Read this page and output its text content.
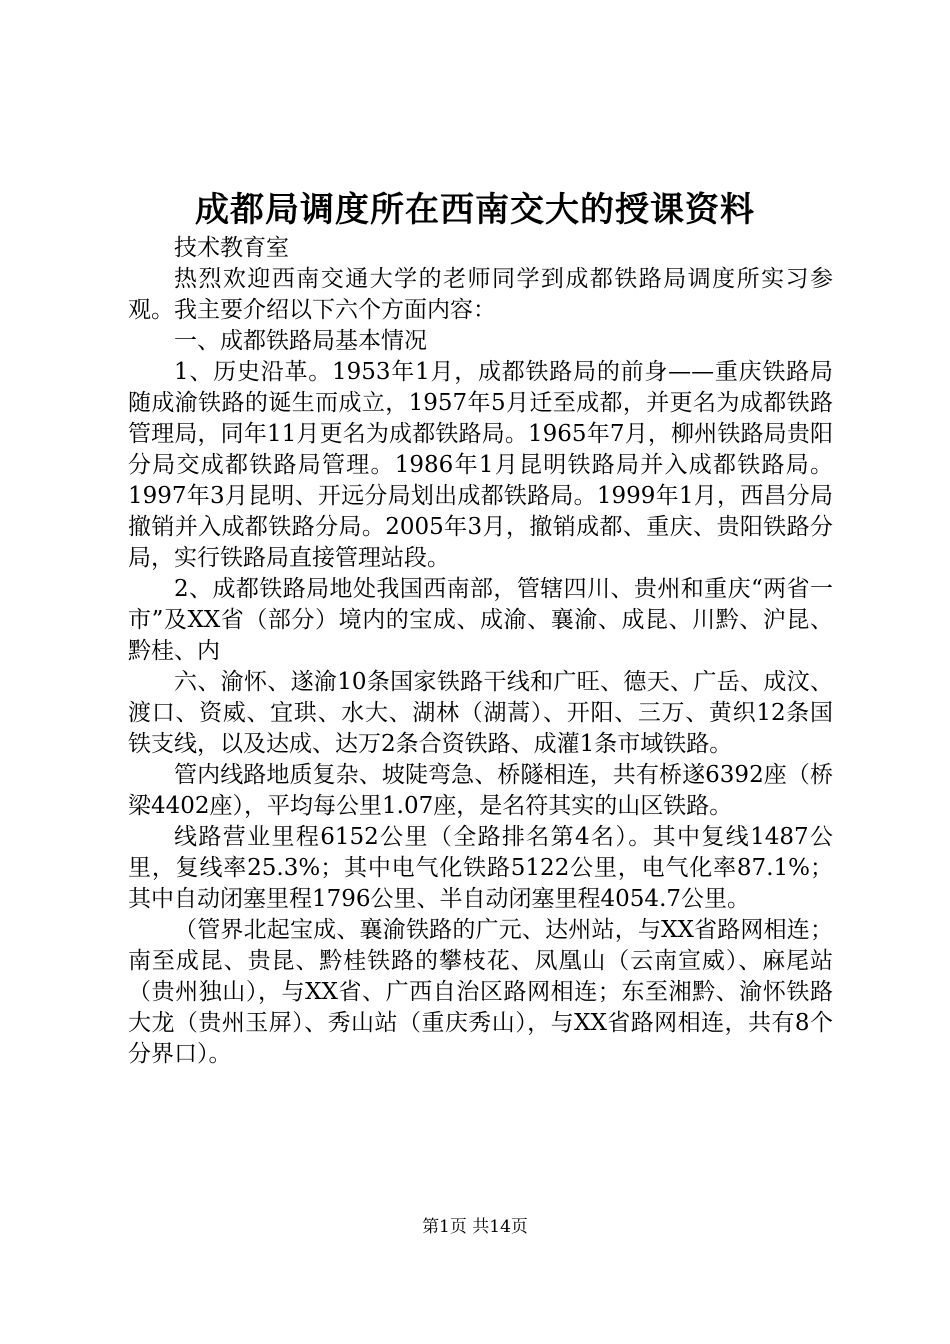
成都局调度所在西南交大的授课资料

技术教育室

热烈欢迎西南交通大学的老师同学到成都铁路局调度所实习参观。我主要介绍以下六个方面内容：

一、成都铁路局基本情况

1、历史沿革。1953年1月，成都铁路局的前身——重庆铁路局随成渝铁路的诞生而成立，1957年5月迁至成都，并更名为成都铁路管理局，同年11月更名为成都铁路局。1965年7月，柳州铁路局贵阳分局交成都铁路局管理。1986年1月昆明铁路局并入成都铁路局。1997年3月昆明、开远分局划出成都铁路局。1999年1月，西昌分局撤销并入成都铁路分局。2005年3月，撤销成都、重庆、贵阳铁路分局，实行铁路局直接管理站段。

2、成都铁路局地处我国西南部，管辖四川、贵州和重庆“两省一市”及XX省（部分）境内的宝成、成渝、襄渝、成昆、川黔、沪昆、黔桂、内

六、渝怀、遂渝10条国家铁路干线和广旺、德天、广岳、成汶、渡口、资威、宜珙、水大、湖林（湖蒿）、开阳、三万、黄织12条国铁支线，以及达成、达万2条合资铁路、成灌1条市域铁路。

管内线路地质复杂、坡陡弯急、桥隧相连，共有桥遂6392座（桥梁4402座），平均每公里1.07座，是名符其实的山区铁路。

线路营业里程6152公里（全路排名第4名）。其中复线1487公里，复线率25.3%；其中电气化铁路5122公里，电气化率87.1%；其中自动闭塞里程1796公里、半自动闭塞里程4054.7公里。

（管界北起宝成、襄渝铁路的广元、达州站，与XX省路网相连；南至成昆、贵昆、黔桂铁路的攀枝花、凤凰山（云南宣威）、麻尾站（贵州独山），与XX省、广西自治区路网相连；东至湘黔、渝怀铁路大龙（贵州玉屏）、秀山站（重庆秀山），与XX省路网相连，共有8个分界口）。

第1页 共14页
